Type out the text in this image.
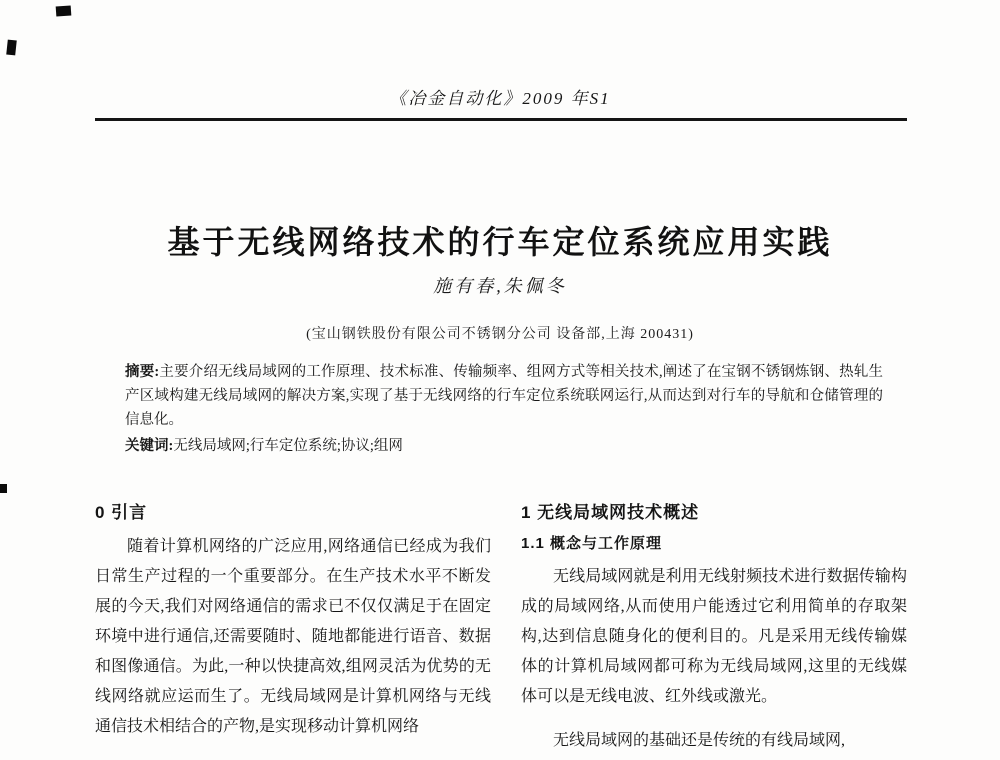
《冶金自动化》2009 年S1
基于无线网络技术的行车定位系统应用实践
施有春,朱佩冬
(宝山钢铁股份有限公司不锈钢分公司 设备部,上海 200431)
摘要:主要介绍无线局域网的工作原理、技术标准、传输频率、组网方式等相关技术,阐述了在宝钢不锈钢炼钢、热轧生产区域构建无线局域网的解决方案,实现了基于无线网络的行车定位系统联网运行,从而达到对行车的导航和仓储管理的信息化。
关键词:无线局域网;行车定位系统;协议;组网
0 引言

随着计算机网络的广泛应用,网络通信已经成为我们日常生产过程的一个重要部分。在生产技术水平不断发展的今天,我们对网络通信的需求已不仅仅满足于在固定环境中进行通信,还需要随时、随地都能进行语音、数据和图像通信。为此,一种以快捷高效,组网灵活为优势的无线网络就应运而生了。无线局域网是计算机网络与无线通信技术相结合的产物,是实现移动计算机网络

1 无线局域网技术概述
1.1 概念与工作原理

无线局域网就是利用无线射频技术进行数据传输构成的局域网络,从而使用户能透过它利用简单的存取架构,达到信息随身化的便利目的。凡是采用无线传输媒体的计算机局域网都可称为无线局域网,这里的无线媒体可以是无线电波、红外线或激光。

无线局域网的基础还是传统的有线局域网,
